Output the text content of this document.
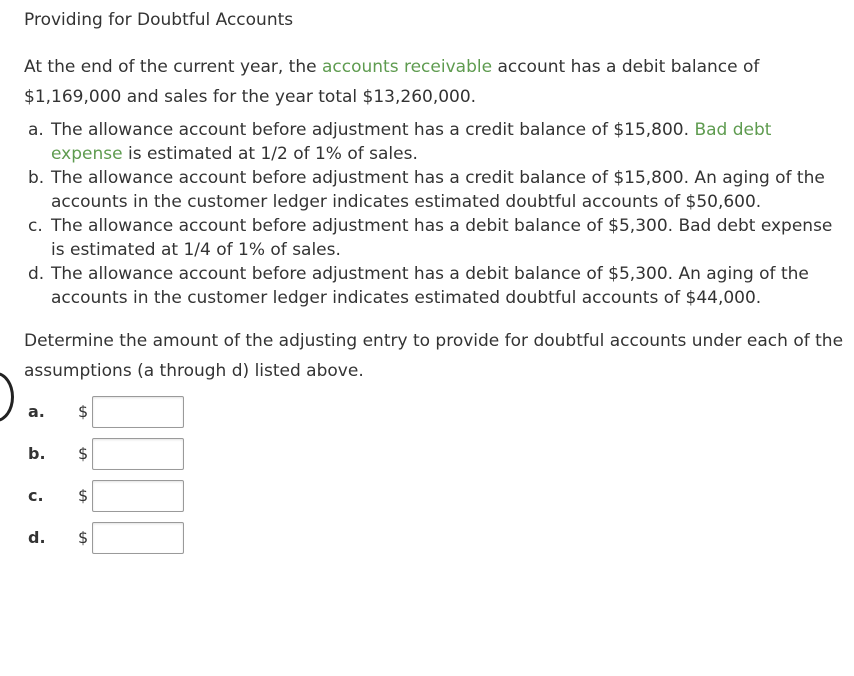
Providing for Doubtful Accounts
At the end of the current year, the accounts receivable account has a debit balance of $1,169,000 and sales for the year total $13,260,000.
a. The allowance account before adjustment has a credit balance of $15,800. Bad debt expense is estimated at 1/2 of 1% of sales.
b. The allowance account before adjustment has a credit balance of $15,800. An aging of the accounts in the customer ledger indicates estimated doubtful accounts of $50,600.
c. The allowance account before adjustment has a debit balance of $5,300. Bad debt expense is estimated at 1/4 of 1% of sales.
d. The allowance account before adjustment has a debit balance of $5,300. An aging of the accounts in the customer ledger indicates estimated doubtful accounts of $44,000.
Determine the amount of the adjusting entry to provide for doubtful accounts under each of the assumptions (a through d) listed above.
a. $
b. $
c. $
d. $
